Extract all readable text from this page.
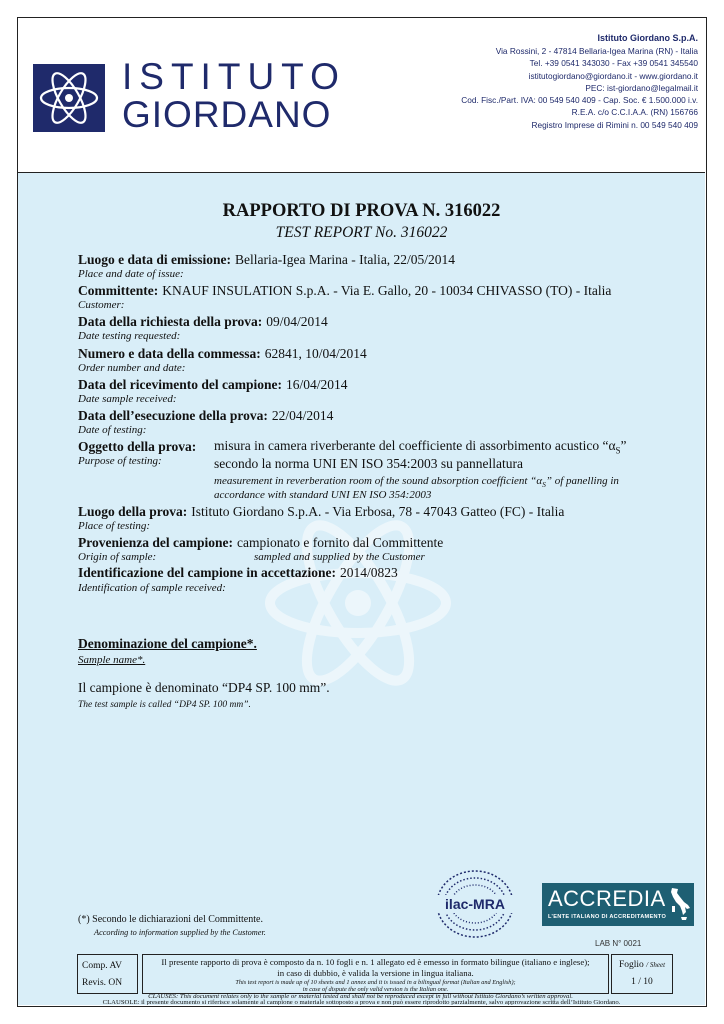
ISTITUTO
GIORDANO
Istituto Giordano S.p.A.
Via Rossini, 2 - 47814 Bellaria-Igea Marina (RN) - Italia
Tel. +39 0541 343030 - Fax +39 0541 345540
istitutogiordano@giordano.it - www.giordano.it
PEC: ist-giordano@legalmail.it
Cod. Fisc./Part. IVA: 00 549 540 409 - Cap. Soc. € 1.500.000 i.v.
R.E.A. c/o C.C.I.A.A. (RN) 156766
Registro Imprese di Rimini n. 00 549 540 409
RAPPORTO DI PROVA N. 316022
TEST REPORT No. 316022
Luogo e data di emissione: Bellaria-Igea Marina - Italia, 22/05/2014
Place and date of issue:
Committente: KNAUF INSULATION S.p.A. - Via E. Gallo, 20 - 10034 CHIVASSO (TO) - Italia
Customer:
Data della richiesta della prova: 09/04/2014
Date testing requested:
Numero e data della commessa: 62841, 10/04/2014
Order number and date:
Data del ricevimento del campione: 16/04/2014
Date sample received:
Data dell’esecuzione della prova: 22/04/2014
Date of testing:
Oggetto della prova: misura in camera riverberante del coefficiente di assorbimento acustico “$\alpha_S$”
Purpose of testing:	secondo la norma UNI EN ISO 354:2003 su pannellatura
measurement in reverberation room of the sound absorption coefficient “$\alpha_S$” of panelling in
accordance with standard UNI EN ISO 354:2003
Luogo della prova: Istituto Giordano S.p.A. - Via Erbosa, 78 - 47043 Gatteo (FC) - Italia
Place of testing:
Provenienza del campione: campionato e fornito dal Committente
Origin of sample:	sampled and supplied by the Customer
Identificazione del campione in accettazione: 2014/0823
Identification of sample received:
Denominazione del campione*.
Sample name*.
Il campione è denominato “DP4 SP. 100 mm”.
The test sample is called “DP4 SP. 100 mm”.
ilac-MRA ACCREDIA
L’ENTE ITALIANO DI ACCREDITAMENTO
LAB N° 0021
(*) Secondo le dichiarazioni del Committente.
According to information supplied by the Customer.
Comp. AV
Revis. ON
Il presente rapporto di prova è composto da n. 10 fogli e n. 1 allegato ed è emesso in formato bilingue (italiano e inglese);
in caso di dubbio, è valida la versione in lingua italiana.
This test report is made up of 10 sheets and 1 annex and it is issued in a bilingual format (Italian and English);
in case of dispute the only valid version is the Italian one.
Foglio / Sheet
1 / 10
CLAUSOLE: il presente documento si riferisce solamente al campione o materiale sottoposto a prova e non può essere riprodotto parzialmente, salvo approvazione scritta dell’Istituto Giordano.
CLAUSES: This document relates only to the sample or material tested and shall not be reproduced except in full without Istituto Giordano’s written approval.
